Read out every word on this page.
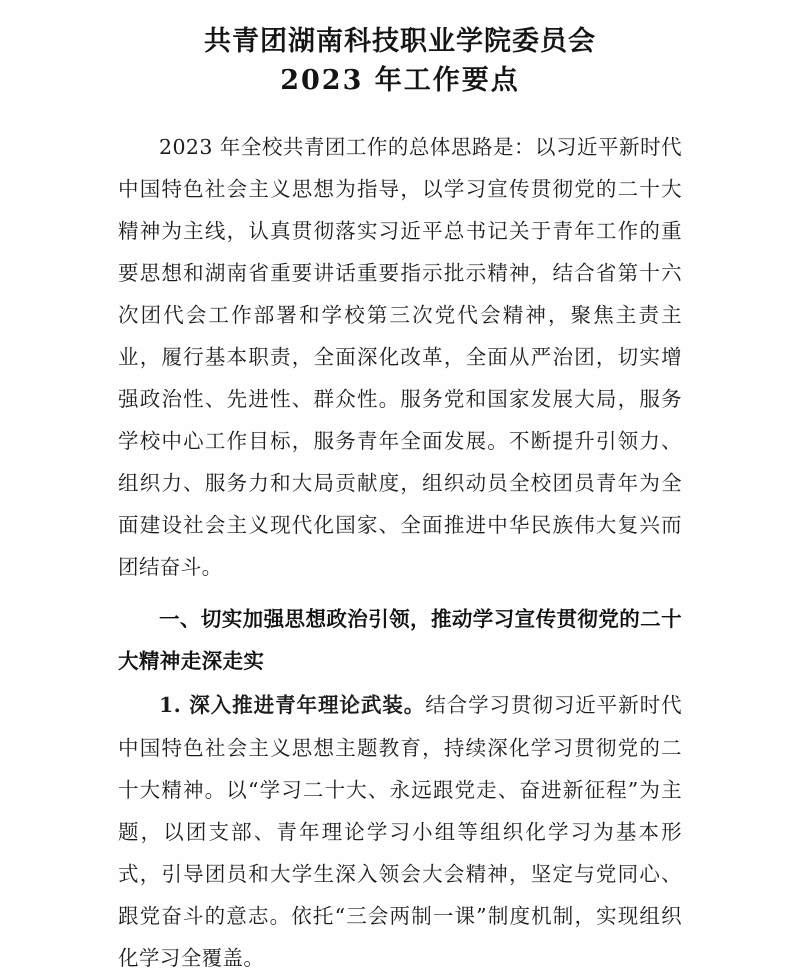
共青团湖南科技职业学院委员会
2023 年工作要点

2023 年全校共青团工作的总体思路是：以习近平新时代中国特色社会主义思想为指导，以学习宣传贯彻党的二十大精神为主线，认真贯彻落实习近平总书记关于青年工作的重要思想和湖南省重要讲话重要指示批示精神，结合省第十六次团代会工作部署和学校第三次党代会精神，聚焦主责主业，履行基本职责，全面深化改革，全面从严治团，切实增强政治性、先进性、群众性。服务党和国家发展大局，服务学校中心工作目标，服务青年全面发展。不断提升引领力、组织力、服务力和大局贡献度，组织动员全校团员青年为全面建设社会主义现代化国家、全面推进中华民族伟大复兴而团结奋斗。

一、切实加强思想政治引领，推动学习宣传贯彻党的二十大精神走深走实

1. 深入推进青年理论武装。结合学习贯彻习近平新时代中国特色社会主义思想主题教育，持续深化学习贯彻党的二十大精神。以“学习二十大、永远跟党走、奋进新征程”为主题，以团支部、青年理论学习小组等组织化学习为基本形式，引导团员和大学生深入领会大会精神，坚定与党同心、跟党奋斗的意志。依托“三会两制一课”制度机制，实现组织化学习全覆盖。
